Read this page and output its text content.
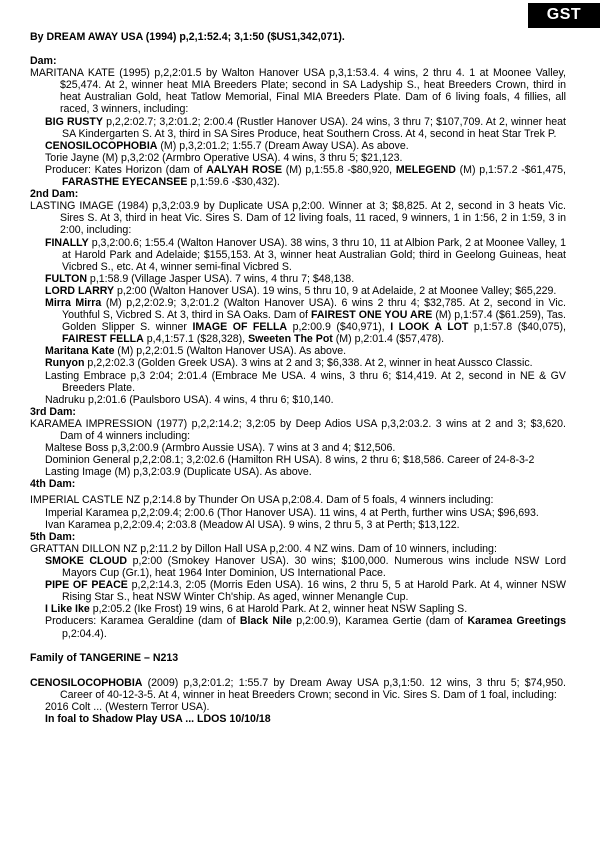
GST

By DREAM AWAY USA (1994) p,2,1:52.4; 3,1:50 ($US1,342,071).

Dam:

MARITANA KATE (1995) p,2,2:01.5 by Walton Hanover USA p,3,1:53.4. 4 wins, 2 thru 4. 1 at Moonee Valley, $25,474. At 2, winner heat MIA Breeders Plate; second in SA Ladyship S., heat Breeders Crown, third in heat Australian Gold, heat Tatlow Memorial, Final MIA Breeders Plate. Dam of 6 living foals, 4 fillies, all raced, 3 winners, including:

BIG RUSTY p,2,2:02.7; 3,2:01.2; 2:00.4 (Rustler Hanover USA). 24 wins, 3 thru 7; $107,709. At 2, winner heat SA Kindergarten S. At 3, third in SA Sires Produce, heat Southern Cross. At 4, second in heat Star Trek P.

CENOSILOCOPHOBIA (M) p,3,2:01.2; 1:55.7 (Dream Away USA). As above.

Torie Jayne (M) p,3,2:02 (Armbro Operative USA). 4 wins, 3 thru 5; $21,123.

Producer: Kates Horizon (dam of AALYAH ROSE (M) p,1:55.8 -$80,920, MELEGEND (M) p,1:57.2 -$61,475, FARASTHE EYECANSEE p,1:59.6 -$30,432).

2nd Dam:

LASTING IMAGE (1984) p,3,2:03.9 by Duplicate USA p,2:00. Winner at 3; $8,825. At 2, second in 3 heats Vic. Sires S. At 3, third in heat Vic. Sires S. Dam of 12 living foals, 11 raced, 9 winners, 1 in 1:56, 2 in 1:59, 3 in 2:00, including:

FINALLY p,3,2:00.6; 1:55.4 (Walton Hanover USA). 38 wins, 3 thru 10, 11 at Albion Park, 2 at Moonee Valley, 1 at Harold Park and Adelaide; $155,153. At 3, winner heat Australian Gold; third in Geelong Guineas, heat Vicbred S., etc. At 4, winner semi-final Vicbred S.

FULTON p,1:58.9 (Village Jasper USA). 7 wins, 4 thru 7; $48,138.

LORD LARRY p,2:00 (Walton Hanover USA). 19 wins, 5 thru 10, 9 at Adelaide, 2 at Moonee Valley; $65,229.

Mirra Mirra (M) p,2,2:02.9; 3,2:01.2 (Walton Hanover USA). 6 wins 2 thru 4; $32,785. At 2, second in Vic. Youthful S, Vicbred S. At 3, third in SA Oaks. Dam of FAIREST ONE YOU ARE (M) p,1:57.4 ($61.259), Tas. Golden Slipper S. winner IMAGE OF FELLA p,2:00.9 ($40,971), I LOOK A LOT p,1:57.8 ($40,075), FAIREST FELLA p,4,1:57.1 ($28,328), Sweeten The Pot (M) p,2:01.4 ($57,478).

Maritana Kate (M) p,2,2:01.5 (Walton Hanover USA). As above.

Runyon p,2,2:02.3 (Golden Greek USA). 3 wins at 2 and 3; $6,338. At 2, winner in heat Aussco Classic.

Lasting Embrace p,3 2:04; 2:01.4 (Embrace Me USA. 4 wins, 3 thru 6; $14,419. At 2, second in NE & GV Breeders Plate.

Nadruku p,2:01.6 (Paulsboro USA). 4 wins, 4 thru 6; $10,140.

3rd Dam:

KARAMEA IMPRESSION (1977) p,2,2:14.2; 3,2:05 by Deep Adios USA p,3,2:03.2. 3 wins at 2 and 3; $3,620. Dam of 4 winners including:

Maltese Boss p,3,2:00.9 (Armbro Aussie USA). 7 wins at 3 and 4; $12,506.

Dominion General p,2,2:08.1; 3,2:02.6 (Hamilton RH USA). 8 wins, 2 thru 6; $18,586. Career of 24-8-3-2

Lasting Image (M) p,3,2:03.9 (Duplicate USA). As above.

4th Dam:

IMPERIAL CASTLE NZ p,2:14.8 by Thunder On USA p,2:08.4. Dam of 5 foals, 4 winners including:

Imperial Karamea p,2,2:09.4; 2:00.6 (Thor Hanover USA). 11 wins, 4 at Perth, further wins USA; $96,693.

Ivan Karamea p,2,2:09.4; 2:03.8 (Meadow Al USA). 9 wins, 2 thru 5, 3 at Perth; $13,122.

5th Dam:

GRATTAN DILLON NZ p,2:11.2 by Dillon Hall USA p,2:00. 4 NZ wins. Dam of 10 winners, including:

SMOKE CLOUD p,2:00 (Smokey Hanover USA). 30 wins; $100,000. Numerous wins include NSW Lord Mayors Cup (Gr.1), heat 1964 Inter Dominion, US International Pace.

PIPE OF PEACE p,2,2:14.3, 2:05 (Morris Eden USA). 16 wins, 2 thru 5, 5 at Harold Park. At 4, winner NSW Rising Star S., heat NSW Winter Ch'ship. As aged, winner Menangle Cup.

I Like Ike p,2:05.2 (Ike Frost) 19 wins, 6 at Harold Park. At 2, winner heat NSW Sapling S.

Producers: Karamea Geraldine (dam of Black Nile p,2:00.9), Karamea Gertie (dam of Karamea Greetings p,2:04.4).

Family of TANGERINE – N213

CENOSILOCOPHOBIA (2009) p,3,2:01.2; 1:55.7 by Dream Away USA p,3,1:50. 12 wins, 3 thru 5; $74,950. Career of 40-12-3-5. At 4, winner in heat Breeders Crown; second in Vic. Sires S. Dam of 1 foal, including:

2016 Colt ... (Western Terror USA).

In foal to Shadow Play USA ... LDOS 10/10/18
